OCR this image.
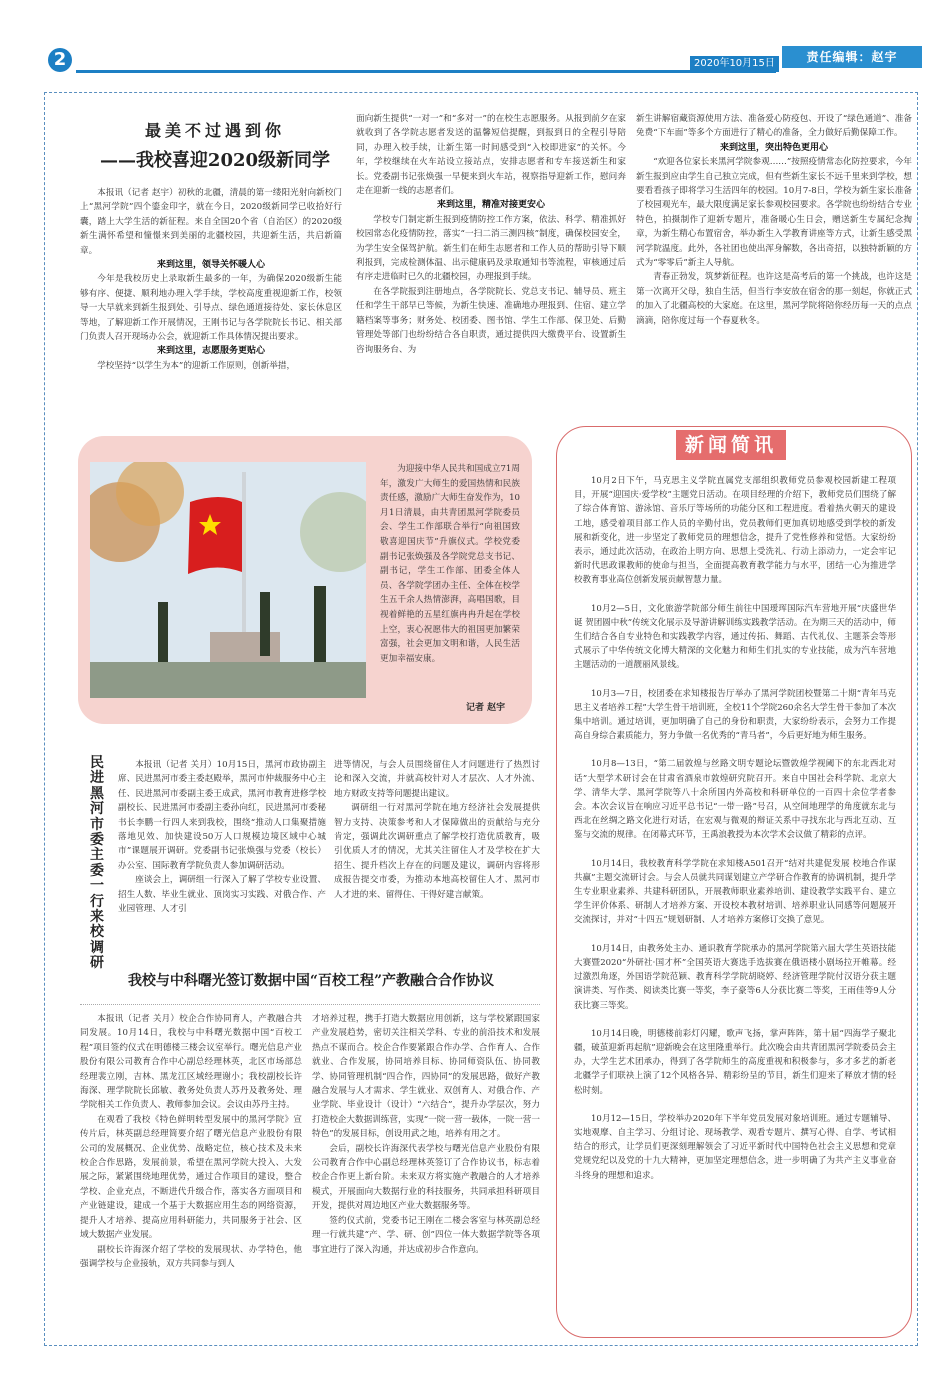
2	2020年10月15日	责任编辑：赵宇
最美不过遇到你
——我校喜迎2020级新同学

本报讯（记者 赵宇）初秋的北疆，清晨的第一缕阳光射向新校门上“黑河学院”四个鎏金印字，就在今日，2020级新同学已收拾好行囊，踏上大学生活的新征程。来自全国20个省（自治区）的2020级新生满怀希望和憧憬来到美丽的北疆校园，共迎新生活，共启新篇章。

来到这里，领导关怀暖人心

今年是我校历史上录取新生最多的一年，为确保2020级新生能够有序、便捷、顺利地办理入学手续，学校高度重视迎新工作，校领导一大早就来到新生报到处、引导点、绿色通道接待处、家长休息区等地，了解迎新工作开展情况，王刚书记与各学院院长书记、相关部门负责人召开现场办公会，就迎新工作具体情况提出要求。

来到这里，志愿服务更贴心

学校坚持“以学生为本”的迎新工作原则，创新举措，

面向新生提供“一对一”和“多对一”的在校生志愿服务。从报到前夕在家就收到了各学院志愿者发送的温馨短信提醒，到报到日的全程引导陪同，办理入校手续，让新生第一时间感受到“入校即进家”的关怀。今年，学校继续在火车站设立接站点，安排志愿者和专车接送新生和家长。党委副书记张焕强一早便来到火车站，视察指导迎新工作，慰问奔走在迎新一线的志愿者们。
来到这里，精准对接更安心

学校专门制定新生报到疫情防控工作方案，依法、科学、精准抓好校园常态化疫情防控，落实“一扫二消三测四核”制度，确保校园安全，为学生安全保驾护航。新生们在师生志愿者和工作人员的帮助引导下顺利报到，完成检测体温、出示健康码及录取通知书等流程，审核通过后有序走进临时已久的北疆校园，办理报到手续。

在各学院报到注册地点，各学院院长、党总支书记、辅导员、班主任和学生干部早已等候，为新生快速、准确地办理报到、住宿、建立学籍档案等事务；财务处、校团委、图书馆、学生工作部、保卫处、后勤管理处等部门也纷纷结合各自职责，通过提供四大缴费平台、设置新生咨询服务台、为

新生讲解宿藏资源使用方法、准备爱心防疫包、开设了“绿色通道”、准备免费“下车面”等多个方面进行了精心的准备，全力做好后勤保障工作。
来到这里，突出特色更用心

“欢迎各位家长来黑河学院参观……”按照疫情常态化防控要求，今年新生报到应由学生自己独立完成，但有些新生家长不远千里来到学校，想要看看孩子即将学习生活四年的校园。10月7-8日，学校为新生家长准备了校园观光车，最大限度满足家长参观校园要求。各学院也纷纷结合专业特色，拍摄制作了迎新专题片，准备暖心生日会，赠送新生专属纪念掏章，为新生精心布置宿舍，举办新生入学教育讲座等方式，让新生感受黑河学院温度。此外，各社团也使出浑身解数，各出奇招，以独特新颖的方式为“零零后”新主人导航。

青春正勃发，筑梦新征程。也许这是高考后的第一个挑战，也许这是第一次离开父母，独自生活，但当行李安放在宿舍的那一刻起，你就正式的加入了北疆高校的大家庭。在这里，黑河学院将陪你经历每一天的点点滴滴，陪你度过每一个春夏秋冬。

为迎接中华人民共和国成立71周年，激发广大师生的爱国热情和民族责任感，激励广大师生奋发作为，10月1日清晨，由共青团黑河学院委员会、学生工作部联合举行“向祖国致敬喜迎国庆节”升旗仪式。学校党委副书记张焕强及各学院党总支书记、副书记，学生工作部、团委全体人员、各学院学团办主任、全体在校学生五千余人热情澎湃，高唱国歌，目视着鲜艳的五星红旗冉冉升起在学校上空，衷心祝愿伟大的祖国更加繁荣富强，社会更加文明和谐，人民生活更加幸福安康。

记者 赵宇
民进黑河市委主委一行来校调研

本报讯（记者 关月）10月15日，黑河市政协副主席、民进黑河市委主委赵殿举，黑河市仲裁服务中心主任、民进黑河市委副主委王成武，黑河市教育进修学校副校长、民进黑河市委副主委孙向红，民进黑河市委秘书长李鹏一行四人来到我校，围绕“推动人口集聚措施落地见效、加快建设50万人口规模边境区域中心城市”课题展开调研。党委副书记张焕强与党委（校长）办公室、国际教育学院负责人参加调研活动。

座谈会上，调研组一行深入了解了学校专业设置、招生人数、毕业生就业、顶岗实习实践、对俄合作、产业园管理、人才引

进等情况，与会人员围绕留住人才问题进行了热烈讨论和深入交流，并就高校针对人才层次、人才外流、地方财政支持等问题提出建议。

调研组一行对黑河学院在地方经济社会发展提供智力支持、决策参考和人才保障做出的贡献给与充分肯定，强调此次调研重点了解学校打造优质教育，吸引优质人才的情况，尤其关注留住人才及学校在扩大招生、提升档次上存在的问题及建议，调研内容将形成报告提交市委，为推动本地高校留住人才、黑河市人才进的来、留得住、干得好建言献策。

我校与中科曙光签订数据中国“百校工程”产教融合合作协议

本报讯（记者 关月）校企合作协同育人，产教融合共同发展。10月14日，我校与中科曙光数据中国“百校工程”项目签约仪式在明德楼三楼会议室举行。曙光信息产业股份有限公司教育合作中心副总经理林英，北区市场部总经理裴立刚，吉林、黑龙江区域经理谢小；我校副校长许海深、理学院院长邱敏、教务处负责人苏丹及教务处、理学院相关工作负责人、教师参加会议。会议由苏丹主持。

在观看了我校《特色鲜明转型发展中的黑河学院》宣传片后，林英副总经理简要介绍了曙光信息产业股份有限公司的发展概况、企业优势、战略定位，核心技术及未来校企合作思路，发展前景，希望在黑河学院大投入、大发展之际，紧紧围绕地理优势，通过合作项目的建设，整合学校、企业充点，不断进代升级合作，落实各方面项目和产业链建设，建成一个基于大数据应用生态的网络资源，提升人才培养、提高应用科研能力，共同服务于社会、区域大数据产业发展。

副校长许海深介绍了学校的发展现状、办学特色，他强调学校与企业接轨，双方共同参与到人

才培养过程，携手打造大数据应用创新，这与学校紧跟国家产业发展趋势，密切关注相关学科、专业的前沿技术和发展热点不谋而合。校企合作要紧跟合作办学、合作育人、合作就业、合作发展，协同培养目标、协同师资队伍、协同教学、协同管理机制“四合作，四协同”的发展思路，做好产教融合发展与人才需求、学生就业、双创育人、对俄合作、产业学院、毕业设计（设计）“六结合”，提升办学层次，努力打造校企大数据训练营，实现“一院一营一载体，一院一营一特色”的发展目标，创设用武之地，培养有用之才。

会后，副校长许海深代表学校与曙光信息产业股份有限公司教育合作中心副总经理林英签订了合作协议书，标志着校企合作更上新台阶。未来双方将实施产教融合的人才培养模式，开展面向大数据行业的科技服务，共同承担科研项目开发，提供对周边地区产业大数据服务等。

签约仪式前，党委书记王刚在二楼会客室与林英副总经理一行就共建“产、学、研、创”四位一体大数据学院等各项事宜进行了深入沟通，并达成初步合作意向。

新闻简讯

10月2日下午，马克思主义学院直属党支部组织教师党员参观校园新建工程项目，开展“迎国庆·爱学校”主题党日活动。在项目经理的介绍下，教师党员们围绕了解了综合体育馆、游泳馆、音乐厅等场所的功能分区和工程进度。看着热火朝天的建设工地，感受着项目部工作人员的辛勤付出，党员教师们更加真切地感受到学校的新发展和新变化，进一步坚定了教师党员的理想信念，提升了党性修养和觉悟。大家纷纷表示，通过此次活动，在政治上明方向、思想上受洗礼、行动上添动力，一定会牢记新时代思政课教师的使命与担当，全面提高教育教学能力与水平，团结一心为推进学校教育事业高位创新发展贡献智慧力量。

10月2—5日，文化旅游学院部分师生前往中国瑷珲国际汽车营地开展“庆盛世华诞 贺团圆中秋”传统文化展示及导游讲解训练实践教学活动。在为期三天的活动中，师生们结合各自专业特色和实践教学内容，通过传拓、舞蹈、古代礼仪、主题茶会等形式展示了中华传统文化博大精深的文化魅力和师生们扎实的专业技能，成为汽车营地主题活动的一道靓丽风景线。

10月3—7日，校团委在求知楼报告厅举办了黑河学院团校暨第二十期“青年马克思主义者培养工程”大学生骨干培训班，全校11个学院260余名大学生骨干参加了本次集中培训。通过培训，更加明确了自己的身份和职责，大家纷纷表示，会努力工作提高自身综合素质能力，努力争做一名优秀的“青马者”，今后更好地为师生服务。

10月8—13日，“第二届敦煌与丝路文明专题论坛暨敦煌学视阈下的东北西北对话”大型学术研讨会在甘肃省酒泉市敦煌研究院召开。来自中国社会科学院、北京大学、清华大学、黑河学院等八十余所国内外高校和科研单位的一百四十余位学者参会。本次会议旨在响应习近平总书记“一带一路”号召，从空间地理学的角度就东北与西北在丝绸之路文化进行对话，在宏观与微观的辩证关系中寻找东北与西北互动、互鉴与交流的规律。在闭幕式环节，王禹浪教授为本次学术会议做了精彩的点评。

10月14日，我校教育科学学院在求知楼A501召开“结对共建促发展 校地合作谋共赢”主题交流研讨会。与会人员就共同谋划建立产学研合作教育的协调机制，提升学生专业职业素养、共建科研团队，开展教师职业素养培训、建设教学实践平台、建立学生评价体系、研制人才培养方案、开设校本教材培训、培养职业认同感等问题展开交流探讨，并对“十四五”规划研制、人才培养方案修订交换了意见。

10月14日，由教务处主办、通识教育学院承办的黑河学院第六届大学生英语技能大赛暨2020“外研社·国才杯”全国英语大赛选手选拔赛在俄语楼小剧场拉开帷幕。经过激烈角逐，外国语学院范颖、教育科学学院胡晓婷、经济管理学院付汉语分获主题演讲类、写作类、阅读类比赛一等奖，李子豪等6人分获比赛二等奖，王雨佳等9人分获比赛三等奖。

10月14日晚，明德楼前彩灯闪耀，歌声飞扬，掌声阵阵，第十届“四海学子聚北疆，破茧迎新再起航”迎新晚会在这里隆重举行。此次晚会由共青团黑河学院委员会主办，大学生艺术团承办，得到了各学院师生的高度重视和积极参与，多才多艺的新老北疆学子们联袂上演了12个风格各异、精彩纷呈的节目，新生们迎来了释放才情的轻松时刻。

10月12—15日，学校举办2020年下半年党员发展对象培训班。通过专题辅导、实地观摩、自主学习、分组讨论、现场教学、观看专题片、撰写心得、自学、考试相结合的形式，让学员们更深刻理解领会了习近平新时代中国特色社会主义思想和党章党规党纪以及党的十九大精神，更加坚定理想信念，进一步明确了为共产主义事业奋斗终身的理想和追求。
